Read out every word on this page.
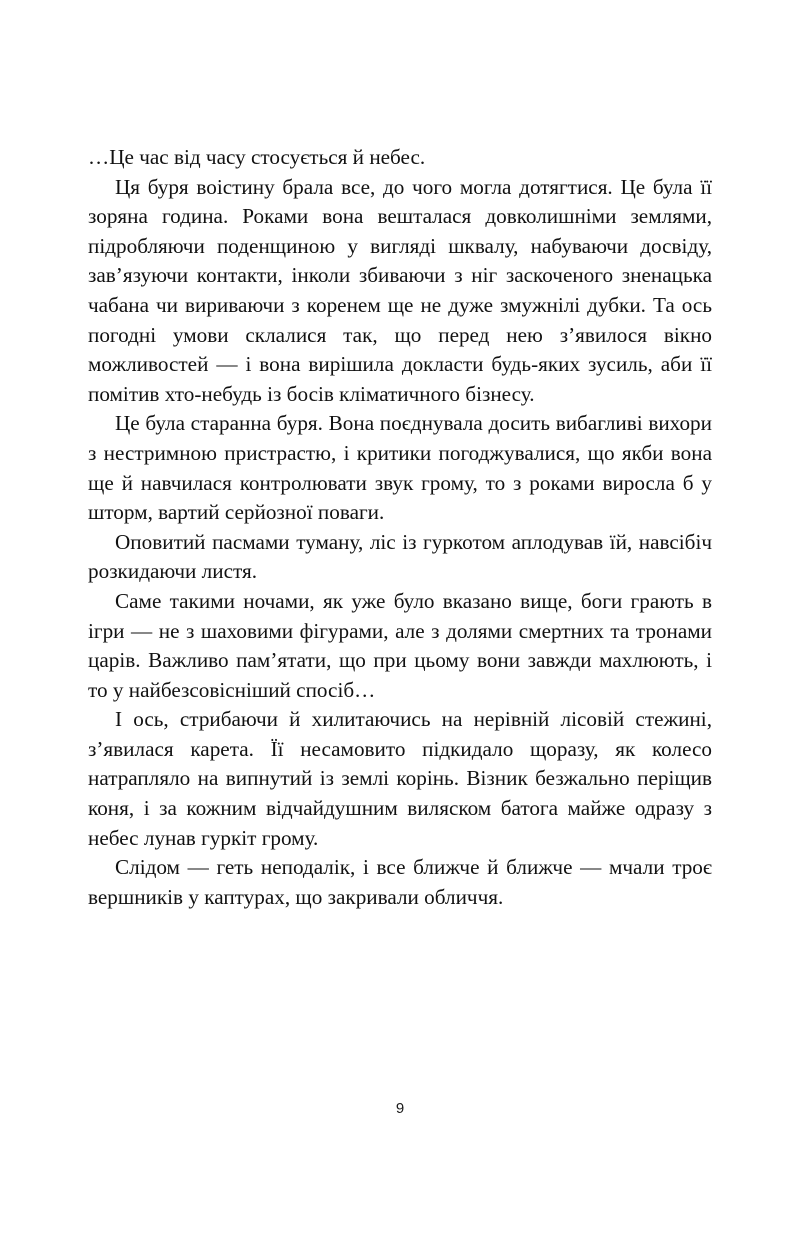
…Це час від часу стосується й небес.

Ця буря воістину брала все, до чого могла дотягтися. Це була її зоряна година. Роками вона вешталася довколишніми землями, підробляючи поденщиною у вигляді шквалу, набуваючи досвіду, зав’язуючи контакти, інколи збиваючи з ніг заскоченого зненацька чабана чи вириваючи з коренем ще не дуже змужнілі дубки. Та ось погодні умови склалися так, що перед нею з’явилося вікно можливостей — і вона вирішила докласти будь-яких зусиль, аби її помітив хто-небудь із босів кліматичного бізнесу.

Це була старанна буря. Вона поєднувала досить вибагливі вихори з нестримною пристрастю, і критики погоджувалися, що якби вона ще й навчилася контролювати звук грому, то з роками виросла б у шторм, вартий серйозної поваги.

Оповитий пасмами туману, ліс із гуркотом аплодував їй, навсібіч розкидаючи листя.

Саме такими ночами, як уже було вказано вище, боги грають в ігри — не з шаховими фігурами, але з долями смертних та тронами царів. Важливо пам’ятати, що при цьому вони завжди махлюють, і то у найбезсовісніший спосіб…

І ось, стрибаючи й хилитаючись на нерівній лісовій стежині, з’явилася карета. Її несамовито підкидало щоразу, як колесо натрапляло на випнутий із землі корінь. Візник безжально періщив коня, і за кожним відчайдушним виляском батога майже одразу з небес лунав гуркіт грому.

Слідом — геть неподалік, і все ближче й ближче — мчали троє вершників у каптурах, що закривали обличчя.

9
